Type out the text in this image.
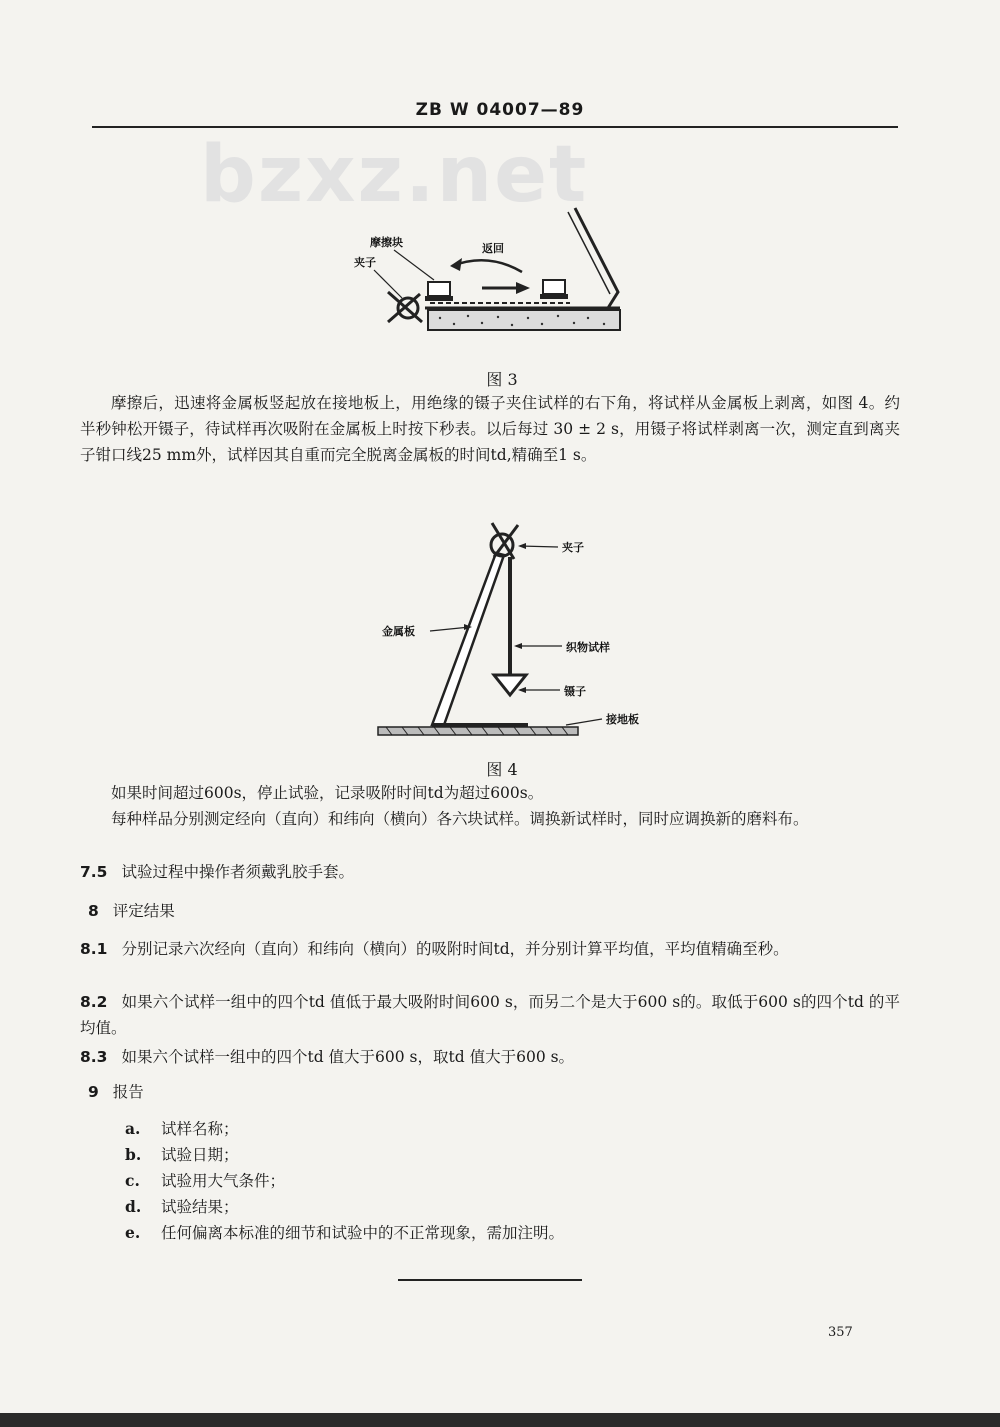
ZB W 04007—89
bzxz.net
摩擦块	返回
夹子
图 3
摩擦后，迅速将金属板竖起放在接地板上，用绝缘的镊子夹住试样的右下角，将试样从金属板上剥离，如图 4。约半秒钟松开镊子，待试样再次吸附在金属板上时按下秒表。以后每过 30 ± 2 s，用镊子将试样剥离一次，测定直到离夹子钳口线25 mm外，试样因其自重而完全脱离金属板的时间td,精确至1 s。
夹子
金属板
织物试样
镊子
接地板
图 4
如果时间超过600s，停止试验，记录吸附时间td为超过600s。
每种样品分别测定经向（直向）和纬向（横向）各六块试样。调换新试样时，同时应调换新的磨料布。
7.5 试验过程中操作者须戴乳胶手套。
8 评定结果
8.1 分别记录六次经向（直向）和纬向（横向）的吸附时间td，并分别计算平均值，平均值精确至秒。
8.2 如果六个试样一组中的四个td 值低于最大吸附时间600 s，而另二个是大于600 s的。取低于600 s的四个td 的平均值。
8.3 如果六个试样一组中的四个td 值大于600 s，取td 值大于600 s。
9 报告
a. 试样名称；
b. 试验日期；
c. 试验用大气条件；
d. 试验结果；
e. 任何偏离本标准的细节和试验中的不正常现象，需加注明。
357
